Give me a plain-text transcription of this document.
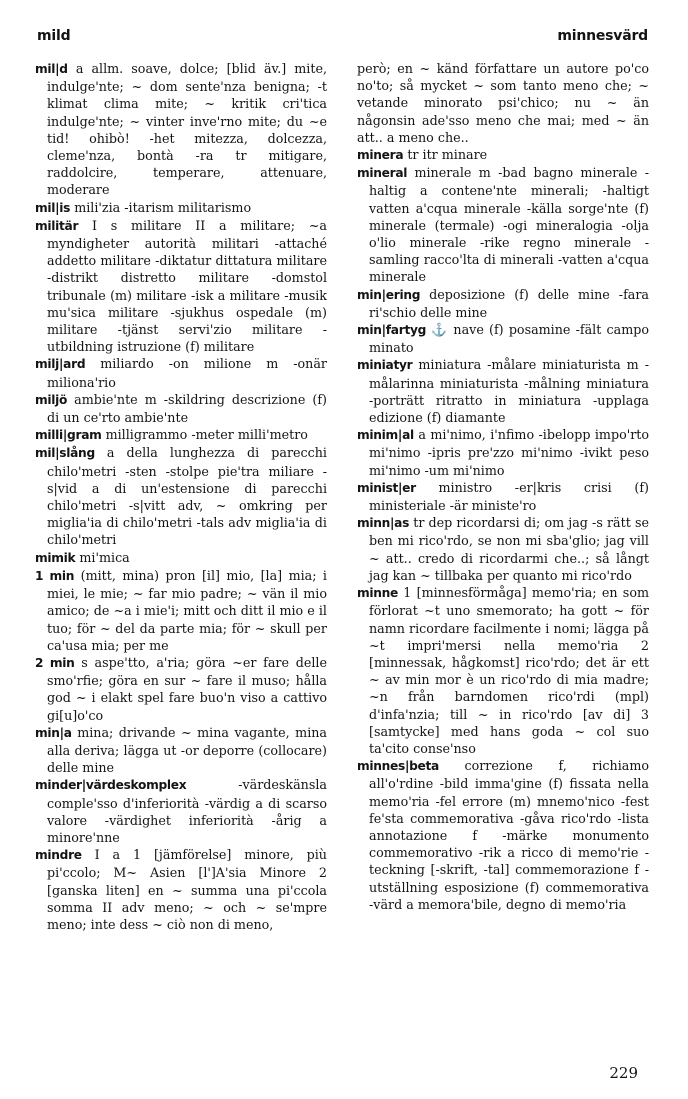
mild	minnesvärd

mil|d a allm. soave, dolce; [blid äv.] mite, indulge'nte; ~ dom sente'nza benigna; -t klimat clima mite; ~ kritik cri'tica indulge'nte; ~ vinter inve'rno mite; du ~e tid! ohibò! -het mitezza, dolcezza, cleme'nza, bontà -ra tr mitigare, raddolcire, temperare, attenuare, moderare

mil|is mili'zia -itarism militarismo

militär I s militare II a militare; ~a myndigheter autorità militari -attaché addetto militare -diktatur dittatura militare -distrikt distretto militare -domstol tribunale (m) militare -isk a militare -musik mu'sica militare -sjukhus ospedale (m) militare -tjänst servi'zio militare -utbildning istruzione (f) militare

milj|ard miliardo -on milione m -onär miliona'rio

miljö ambie'nte m -skildring descrizione (f) di un ce'rto ambie'nte

milli|gram milligrammo -meter milli'metro

mil|slång a della lunghezza di parecchi chilo'metri -sten -stolpe pie'tra miliare -s|vid a di un'estensione di parecchi chilo'metri -s|vitt adv, ~ omkring per miglia'ia di chilo'metri -tals adv miglia'ia di chilo'metri

mimik mi'mica

1 min (mitt, mina) pron [il] mio, [la] mia; i miei, le mie; ~ far mio padre; ~ vän il mio amico; de ~a i mie'i; mitt och ditt il mio e il tuo; för ~ del da parte mia; för ~ skull per ca'usa mia; per me

2 min s aspe'tto, a'ria; göra ~er fare delle smo'rfie; göra en sur ~ fare il muso; hålla god ~ i elakt spel fare buo'n viso a cattivo gi[u]o'co

min|a mina; drivande ~ mina vagante, mina alla deriva; lägga ut -or deporre (collocare) delle mine

minder|värdeskomplex	-värdeskänsla comple'sso d'inferiorità -värdig a di scarso valore -värdighet inferiorità -årig a minore'nne

mindre I a 1 [jämförelse] minore, più pi'ccolo; M~ Asien [l']A'sia Minore 2 [ganska liten] en ~ summa una pi'ccola somma II adv meno; ~ och ~ se'mpre meno; inte dess ~ ciò non di meno,

però; en ~ känd författare un autore po'co no'to; så mycket ~ som tanto meno che; ~ vetande minorato psi'chico; nu ~ än någonsin ade'sso meno che mai; med ~ än att.. a meno che..

minera tr itr minare

mineral minerale m -bad bagno minerale -haltig a contene'nte minerali; -haltigt vatten a'cqua minerale -källa sorge'nte (f) minerale (termale) -ogi mineralogia -olja o'lio minerale -rike regno minerale -samling racco'lta di minerali -vatten a'cqua minerale

min|ering deposizione (f) delle mine -fara ri'schio delle mine

min|fartyg ⚓ nave (f) posamine -fält campo minato

miniatyr miniatura -målare miniaturista m -målarinna miniaturista -målning miniatura -porträtt ritratto in miniatura -upplaga edizione (f) diamante

minim|al a mi'nimo, i'nfimo -ibelopp impo'rto mi'nimo -ipris pre'zzo mi'nimo -ivikt peso mi'nimo -um mi'nimo

minist|er ministro -er|kris crisi (f) ministeriale -är ministe'ro

minn|as tr dep ricordarsi di; om jag -s rätt se ben mi rico'rdo, se non mi sba'glio; jag vill ~ att.. credo di ricordarmi che..; så långt jag kan ~ tillbaka per quanto mi rico'rdo

minne 1 [minnesförmåga] memo'ria; en som förlorat ~t uno smemorato; ha gott ~ för namn ricordare facilmente i nomi; lägga på ~t impri'mersi nella memo'ria 2 [minnessak, hågkomst] rico'rdo; det är ett ~ av min mor è un rico'rdo di mia madre; ~n från barndomen rico'rdi (mpl) d'infa'nzia; till ~ in rico'rdo [av di] 3 [samtycke] med hans goda ~ col suo ta'cito conse'nso

minnes|beta correzione f, richiamo all'o'rdine -bild imma'gine (f) fissata nella memo'ria -fel errore (m) mnemo'nico -fest fe'sta commemorativa -gåva rico'rdo -lista annotazione f -märke monumento commemorativo -rik a ricco di memo'rie -teckning [-skrift, -tal] commemorazione f -utställning esposizione (f) commemorativa -värd a memora'bile, degno di memo'ria

229
